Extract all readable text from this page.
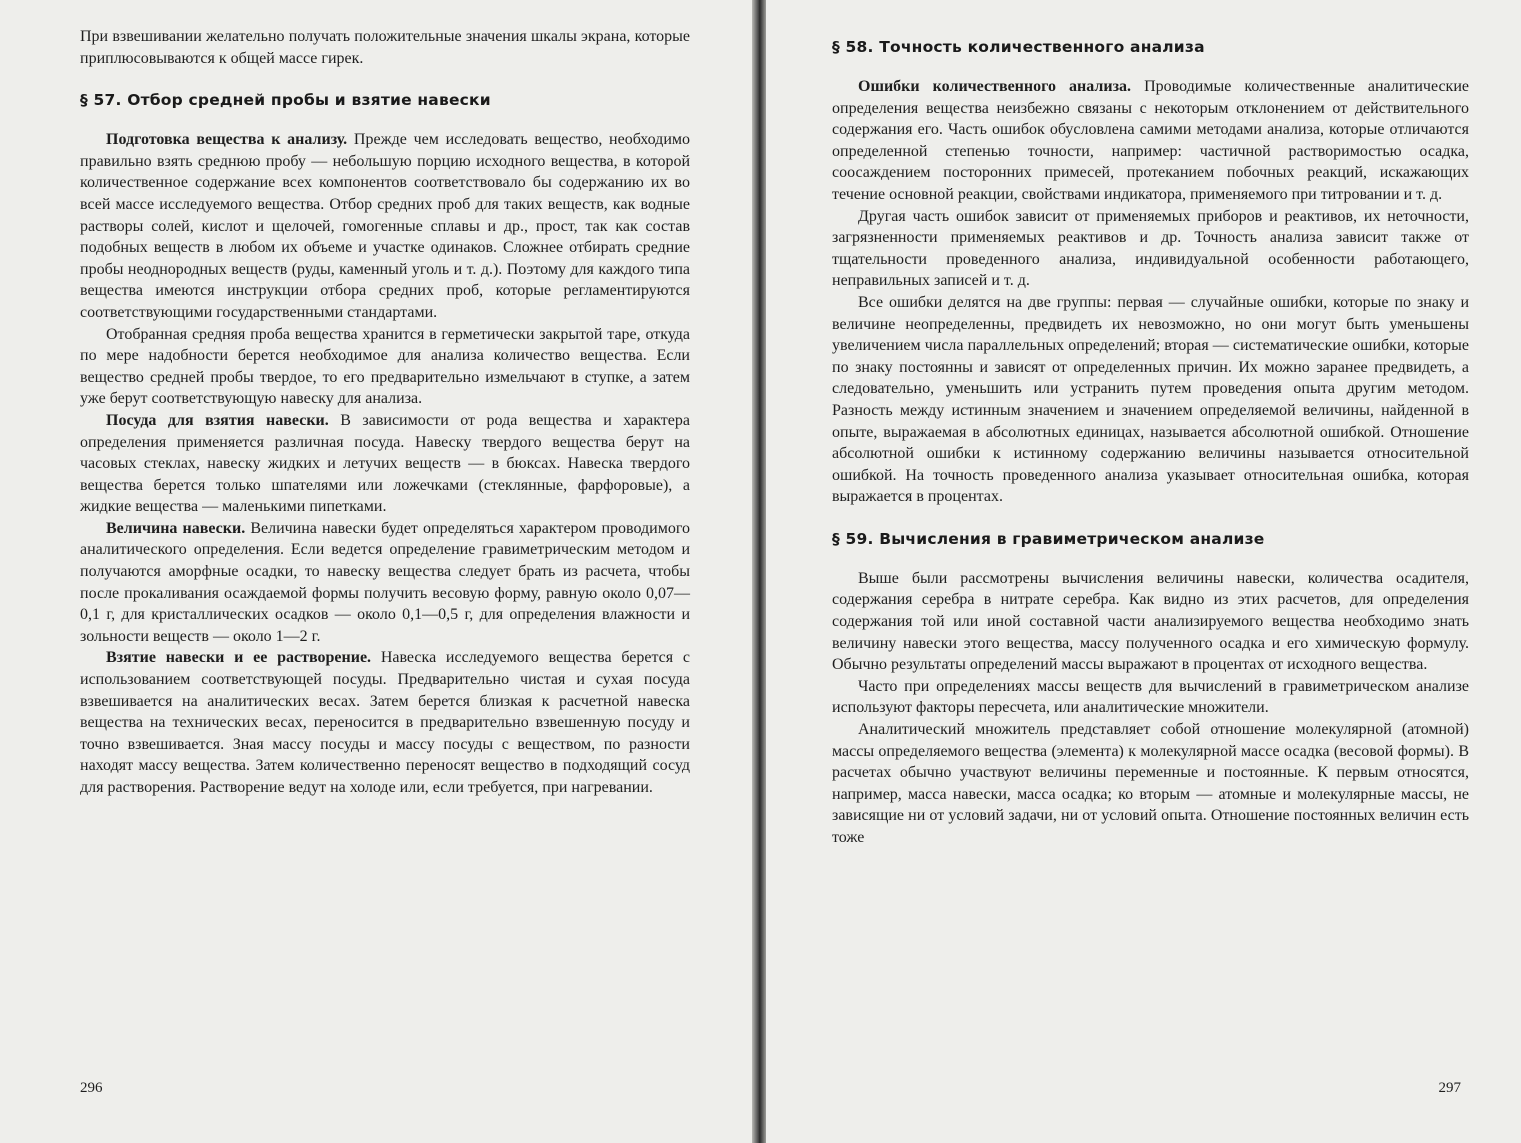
При взвешивании желательно получать положительные значения шкалы экрана, которые приплюсовываются к общей массе гирек.

§ 57. Отбор средней пробы и взятие навески

Подготовка вещества к анализу. Прежде чем исследовать вещество, необходимо правильно взять среднюю пробу — небольшую порцию исходного вещества, в которой количественное содержание всех компонентов соответствовало бы содержанию их во всей массе исследуемого вещества. Отбор средних проб для таких веществ, как водные растворы солей, кислот и щелочей, гомогенные сплавы и др., прост, так как состав подобных веществ в любом их объеме и участке одинаков. Сложнее отбирать средние пробы неоднородных веществ (руды, каменный уголь и т. д.). Поэтому для каждого типа вещества имеются инструкции отбора средних проб, которые регламентируются соответствующими государственными стандартами.

Отобранная средняя проба вещества хранится в герметически закрытой таре, откуда по мере надобности берется необходимое для анализа количество вещества. Если вещество средней пробы твердое, то его предварительно измельчают в ступке, а затем уже берут соответствующую навеску для анализа.

Посуда для взятия навески. В зависимости от рода вещества и характера определения применяется различная посуда. Навеску твердого вещества берут на часовых стеклах, навеску жидких и летучих веществ — в бюксах. Навеска твердого вещества берется только шпателями или ложечками (стеклянные, фарфоровые), а жидкие вещества — маленькими пипетками.

Величина навески. Величина навески будет определяться характером проводимого аналитического определения. Если ведется определение гравиметрическим методом и получаются аморфные осадки, то навеску вещества следует брать из расчета, чтобы после прокаливания осаждаемой формы получить весовую форму, равную около 0,07—0,1 г, для кристаллических осадков — около 0,1—0,5 г, для определения влажности и зольности веществ — около 1—2 г.

Взятие навески и ее растворение. Навеска исследуемого вещества берется с использованием соответствующей посуды. Предварительно чистая и сухая посуда взвешивается на аналитических весах. Затем берется близкая к расчетной навеска вещества на технических весах, переносится в предварительно взвешенную посуду и точно взвешивается. Зная массу посуды и массу посуды с веществом, по разности находят массу вещества. Затем количественно переносят вещество в подходящий сосуд для растворения. Растворение ведут на холоде или, если требуется, при нагревании.

296
§ 58. Точность количественного анализа

Ошибки количественного анализа. Проводимые количественные аналитические определения вещества неизбежно связаны с некоторым отклонением от действительного содержания его. Часть ошибок обусловлена самими методами анализа, которые отличаются определенной степенью точности, например: частичной растворимостью осадка, соосаждением посторонних примесей, протеканием побочных реакций, искажающих течение основной реакции, свойствами индикатора, применяемого при титровании и т. д.

Другая часть ошибок зависит от применяемых приборов и реактивов, их неточности, загрязненности применяемых реактивов и др. Точность анализа зависит также от тщательности проведенного анализа, индивидуальной особенности работающего, неправильных записей и т. д.

Все ошибки делятся на две группы: первая — случайные ошибки, которые по знаку и величине неопределенны, предвидеть их невозможно, но они могут быть уменьшены увеличением числа параллельных определений; вторая — систематические ошибки, которые по знаку постоянны и зависят от определенных причин. Их можно заранее предвидеть, а следовательно, уменьшить или устранить путем проведения опыта другим методом. Разность между истинным значением и значением определяемой величины, найденной в опыте, выражаемая в абсолютных единицах, называется абсолютной ошибкой. Отношение абсолютной ошибки к истинному содержанию величины называется относительной ошибкой. На точность проведенного анализа указывает относительная ошибка, которая выражается в процентах.

§ 59. Вычисления в гравиметрическом анализе

Выше были рассмотрены вычисления величины навески, количества осадителя, содержания серебра в нитрате серебра. Как видно из этих расчетов, для определения содержания той или иной составной части анализируемого вещества необходимо знать величину навески этого вещества, массу полученного осадка и его химическую формулу. Обычно результаты определений массы выражают в процентах от исходного вещества.

Часто при определениях массы веществ для вычислений в гравиметрическом анализе используют факторы пересчета, или аналитические множители.

Аналитический множитель представляет собой отношение молекулярной (атомной) массы определяемого вещества (элемента) к молекулярной массе осадка (весовой формы). В расчетах обычно участвуют величины переменные и постоянные. К первым относятся, например, масса навески, масса осадка; ко вторым — атомные и молекулярные массы, не зависящие ни от условий задачи, ни от условий опыта. Отношение постоянных величин есть тоже

297
